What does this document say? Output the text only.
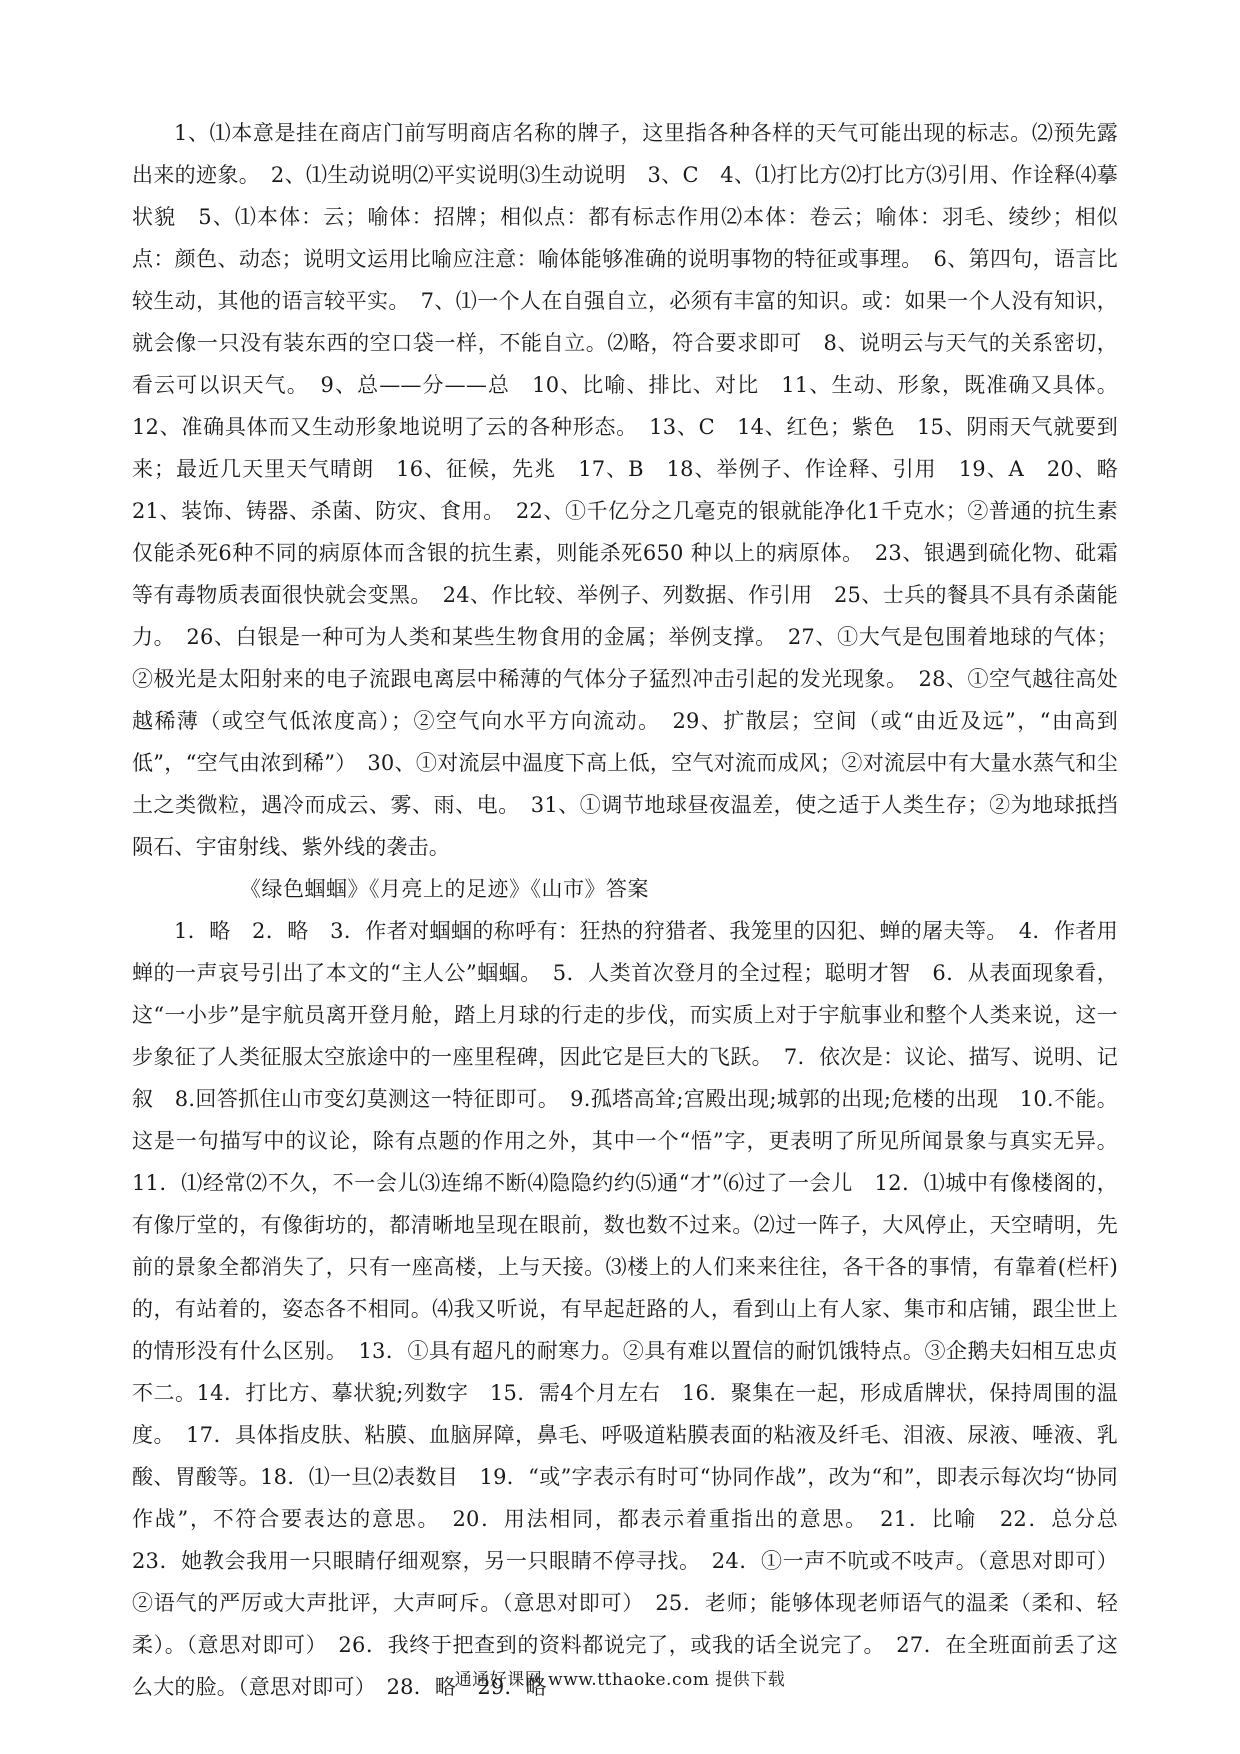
1、⑴本意是挂在商店门前写明商店名称的牌子，这里指各种各样的天气可能出现的标志。⑵预先露出来的迹象。　2、⑴生动说明⑵平实说明⑶生动说明　3、C　4、⑴打比方⑵打比方⑶引用、作诠释⑷摹状貌　5、⑴本体：云；喻体：招牌；相似点：都有标志作用⑵本体：卷云；喻体：羽毛、绫纱；相似点：颜色、动态；说明文运用比喻应注意：喻体能够准确的说明事物的特征或事理。　6、第四句，语言比较生动，其他的语言较平实。　7、⑴一个人在自强自立，必须有丰富的知识。或：如果一个人没有知识，就会像一只没有装东西的空口袋一样，不能自立。⑵略，符合要求即可　8、说明云与天气的关系密切，看云可以识天气。　9、总——分——总　10、比喻、排比、对比　11、生动、形象，既准确又具体。12、准确具体而又生动形象地说明了云的各种形态。　13、C　14、红色；紫色　15、阴雨天气就要到来；最近几天里天气晴朗　16、征候，先兆　17、B　18、举例子、作诠释、引用　19、A　20、略　21、装饰、铸器、杀菌、防灾、食用。　22、①千亿分之几毫克的银就能净化1千克水；②普通的抗生素仅能杀死6种不同的病原体而含银的抗生素，则能杀死650 种以上的病原体。　23、银遇到硫化物、砒霜等有毒物质表面很快就会变黑。　24、作比较、举例子、列数据、作引用　25、士兵的餐具不具有杀菌能力。　26、白银是一种可为人类和某些生物食用的金属；举例支撑。　27、①大气是包围着地球的气体；②极光是太阳射来的电子流跟电离层中稀薄的气体分子猛烈冲击引起的发光现象。　28、①空气越往高处越稀薄（或空气低浓度高）；②空气向水平方向流动。　29、扩散层；空间（或“由近及远”，“由高到低”，“空气由浓到稀”）　30、①对流层中温度下高上低，空气对流而成风；②对流层中有大量水蒸气和尘土之类微粒，遇冷而成云、雾、雨、电。　31、①调节地球昼夜温差，使之适于人类生存；②为地球抵挡陨石、宇宙射线、紫外线的袭击。

《绿色蝈蝈》《月亮上的足迹》《山市》答案

1．略　2．略　3．作者对蝈蝈的称呼有：狂热的狩猎者、我笼里的囚犯、蝉的屠夫等。　4．作者用蝉的一声哀号引出了本文的“主人公”蝈蝈。　5．人类首次登月的全过程；聪明才智　6．从表面现象看，这“一小步”是宇航员离开登月舱，踏上月球的行走的步伐，而实质上对于宇航事业和整个人类来说，这一步象征了人类征服太空旅途中的一座里程碑，因此它是巨大的飞跃。　7．依次是：议论、描写、说明、记叙　8.回答抓住山市变幻莫测这一特征即可。　9.孤塔高耸;宫殿出现;城郭的出现;危楼的出现　10.不能。这是一句描写中的议论，除有点题的作用之外，其中一个“悟”字，更表明了所见所闻景象与真实无异。11．⑴经常⑵不久，不一会儿⑶连绵不断⑷隐隐约约⑸通“才”⑹过了一会儿　12．⑴城中有像楼阁的，有像厅堂的，有像街坊的，都清晰地呈现在眼前，数也数不过来。⑵过一阵子，大风停止，天空晴明，先前的景象全都消失了，只有一座高楼，上与天接。⑶楼上的人们来来往往，各干各的事情，有靠着(栏杆)的，有站着的，姿态各不相同。⑷我又听说，有早起赶路的人，看到山上有人家、集市和店铺，跟尘世上的情形没有什么区别。　13．①具有超凡的耐寒力。②具有难以置信的耐饥饿特点。③企鹅夫妇相互忠贞不二。14．打比方、摹状貌;列数字　15．需4个月左右　16．聚集在一起，形成盾牌状，保持周围的温度。　17．具体指皮肤、粘膜、血脑屏障，鼻毛、呼吸道粘膜表面的粘液及纤毛、泪液、尿液、唾液、乳酸、胃酸等。18．⑴一旦⑵表数目　19．“或”字表示有时可“协同作战”，改为“和”，即表示每次均“协同作战”，不符合要表达的意思。　20．用法相同，都表示着重指出的意思。　21．比喻　22．总分总　23．她教会我用一只眼睛仔细观察，另一只眼睛不停寻找。　24．①一声不吭或不吱声。（意思对即可）②语气的严厉或大声批评，大声呵斥。（意思对即可）　25．老师；能够体现老师语气的温柔（柔和、轻柔）。（意思对即可）　26．我终于把查到的资料都说完了，或我的话全说完了。　27．在全班面前丢了这么大的脸。（意思对即可）　28．略　29．略

通通好课网 www.tthaoke.com 提供下载
